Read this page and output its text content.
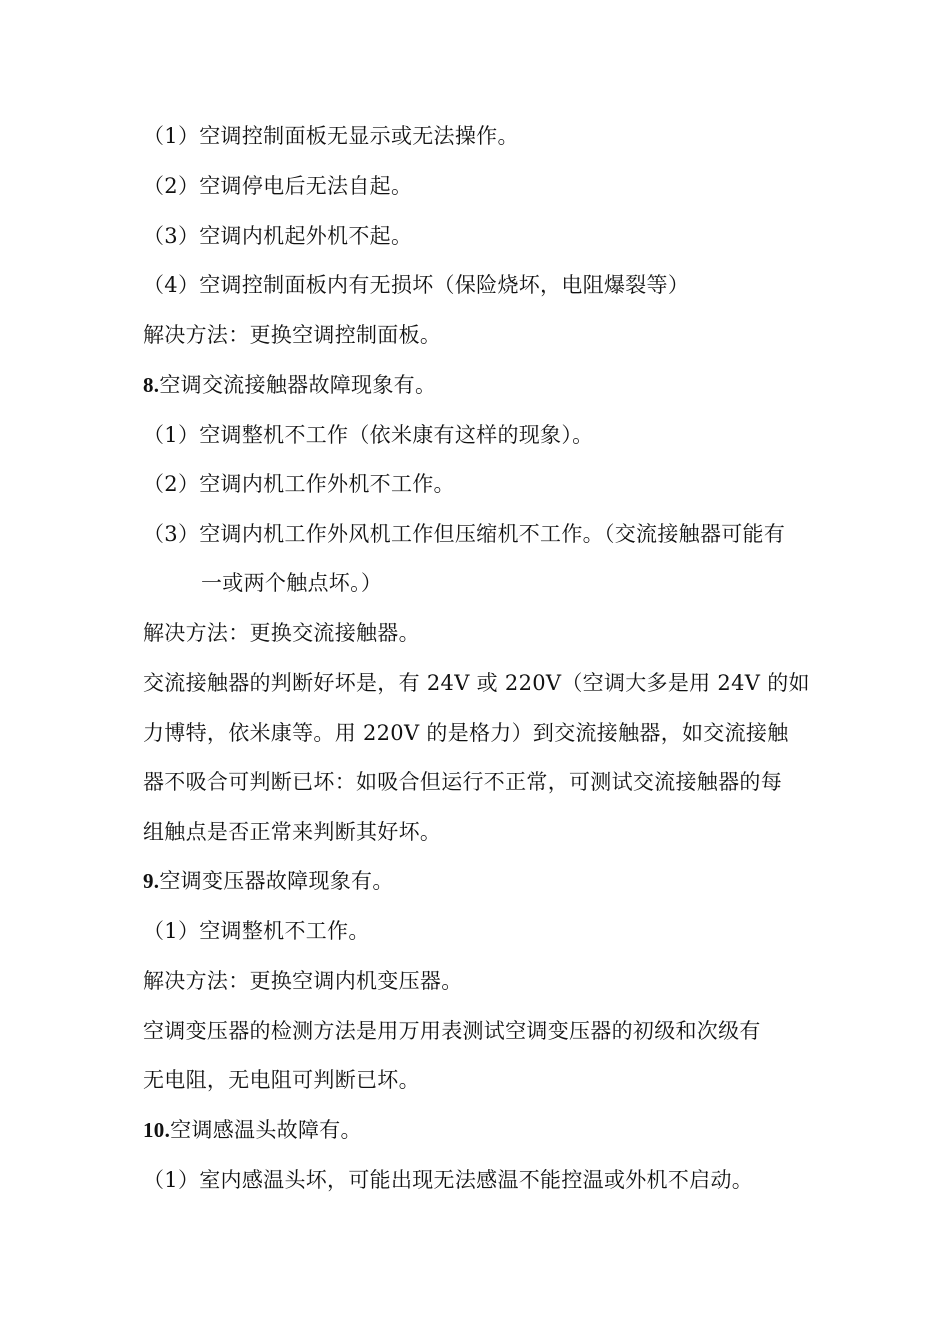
（1）空调控制面板无显示或无法操作。
（2）空调停电后无法自起。
（3）空调内机起外机不起。
（4）空调控制面板内有无损坏（保险烧坏，电阻爆裂等）
解决方法：更换空调控制面板。
8.空调交流接触器故障现象有。
（1）空调整机不工作（依米康有这样的现象）。
（2）空调内机工作外机不工作。
（3）空调内机工作外风机工作但压缩机不工作。（交流接触器可能有
一或两个触点坏。）
解决方法：更换交流接触器。
交流接触器的判断好坏是，有 24V 或 220V（空调大多是用 24V 的如
力博特，依米康等。用 220V 的是格力）到交流接触器，如交流接触
器不吸合可判断已坏：如吸合但运行不正常，可测试交流接触器的每
组触点是否正常来判断其好坏。
9.空调变压器故障现象有。
（1）空调整机不工作。
解决方法：更换空调内机变压器。
空调变压器的检测方法是用万用表测试空调变压器的初级和次级有
无电阻，无电阻可判断已坏。
10.空调感温头故障有。
（1）室内感温头坏，可能出现无法感温不能控温或外机不启动。
